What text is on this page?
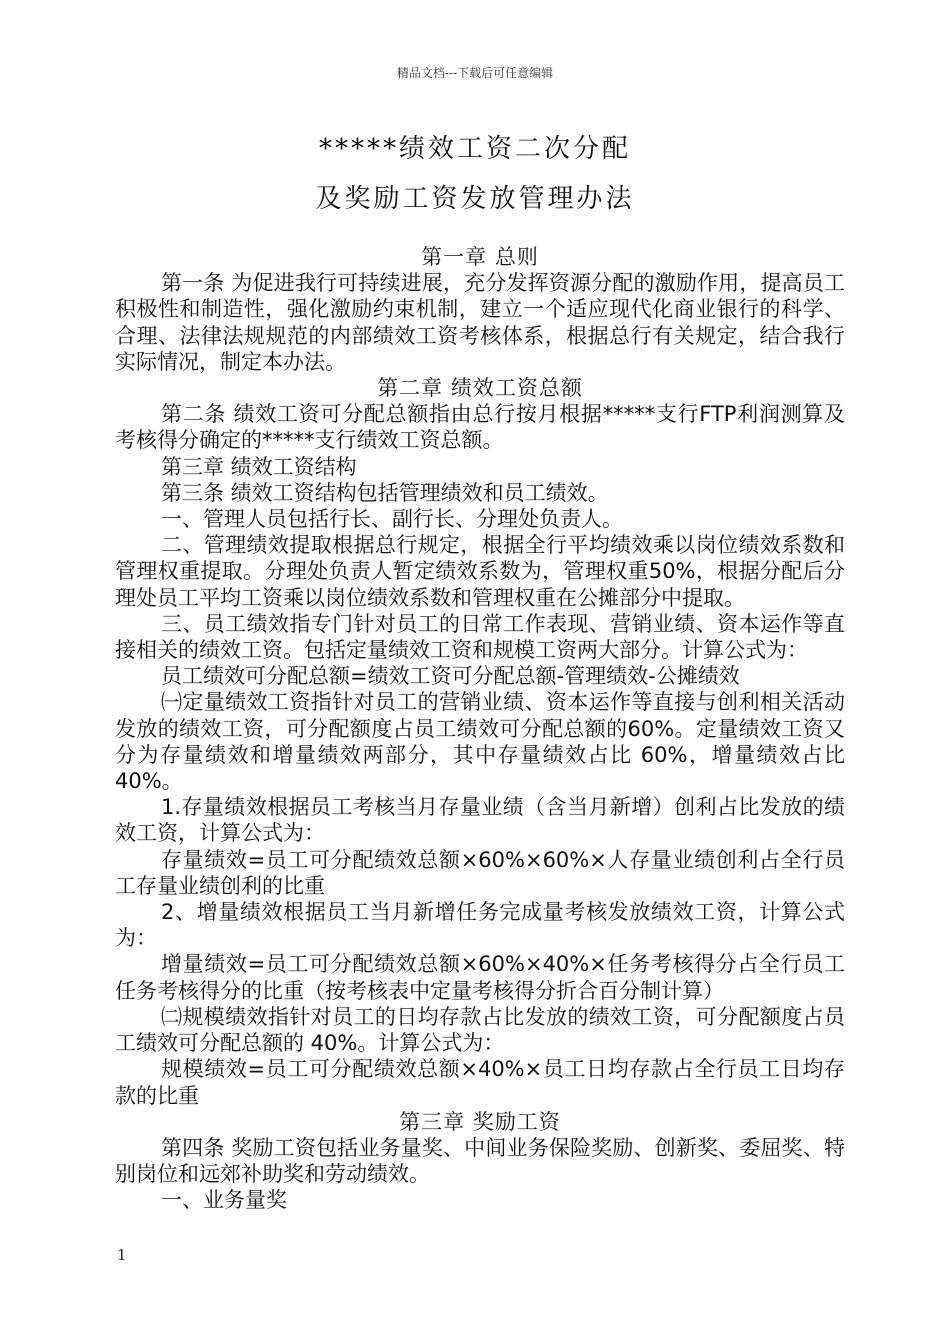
精品文档---下载后可任意编辑
*****绩效工资二次分配
及奖励工资发放管理办法

第一章 总则

第一条 为促进我行可持续进展，充分发挥资源分配的激励作用，提高员工积极性和制造性，强化激励约束机制，建立一个适应现代化商业银行的科学、合理、法律法规规范的内部绩效工资考核体系，根据总行有关规定，结合我行实际情况，制定本办法。

第二章 绩效工资总额

第二条 绩效工资可分配总额指由总行按月根据*****支行FTP利润测算及考核得分确定的*****支行绩效工资总额。

第三章 绩效工资结构

第三条 绩效工资结构包括管理绩效和员工绩效。

一、管理人员包括行长、副行长、分理处负责人。

二、管理绩效提取根据总行规定，根据全行平均绩效乘以岗位绩效系数和管理权重提取。分理处负责人暂定绩效系数为，管理权重50%，根据分配后分理处员工平均工资乘以岗位绩效系数和管理权重在公摊部分中提取。

三、员工绩效指专门针对员工的日常工作表现、营销业绩、资本运作等直接相关的绩效工资。包括定量绩效工资和规模工资两大部分。计算公式为：

员工绩效可分配总额=绩效工资可分配总额-管理绩效-公摊绩效

㈠定量绩效工资指针对员工的营销业绩、资本运作等直接与创利相关活动发放的绩效工资，可分配额度占员工绩效可分配总额的60%。定量绩效工资又分为存量绩效和增量绩效两部分，其中存量绩效占比 60%，增量绩效占比 40%。

1.存量绩效根据员工考核当月存量业绩（含当月新增）创利占比发放的绩效工资，计算公式为：

存量绩效=员工可分配绩效总额×60%×60%×人存量业绩创利占全行员工存量业绩创利的比重

2、增量绩效根据员工当月新增任务完成量考核发放绩效工资，计算公式为：

增量绩效=员工可分配绩效总额×60%×40%×任务考核得分占全行员工任务考核得分的比重（按考核表中定量考核得分折合百分制计算）

㈡规模绩效指针对员工的日均存款占比发放的绩效工资，可分配额度占员工绩效可分配总额的 40%。计算公式为：

规模绩效=员工可分配绩效总额×40%×员工日均存款占全行员工日均存款的比重

第三章 奖励工资

第四条 奖励工资包括业务量奖、中间业务保险奖励、创新奖、委屈奖、特别岗位和远郊补助奖和劳动绩效。

一、业务量奖

1
